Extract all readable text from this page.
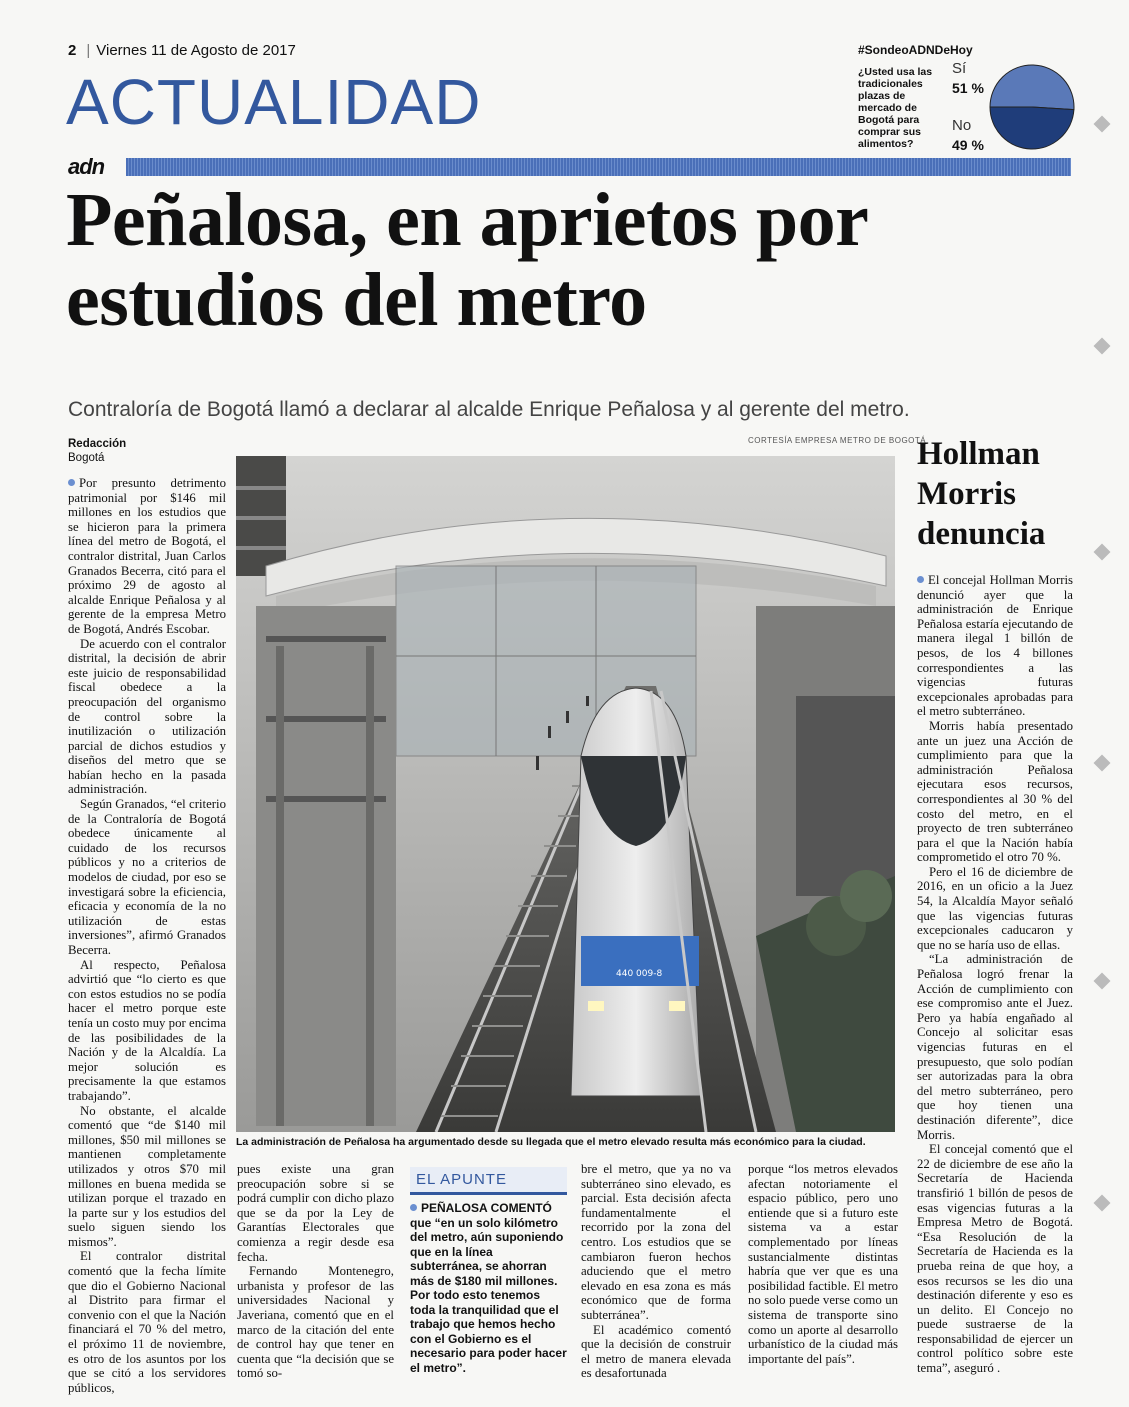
2 | Viernes 11 de Agosto de 2017
ACTUALIDAD
adn
#SondeoADNDeHoy
¿Usted usa las tradicionales plazas de mercado de Bogotá para comprar sus alimentos?
Sí
51 %
No
49 %
Peñalosa, en aprietos por estudios del metro
Contraloría de Bogotá llamó a declarar al alcalde Enrique Peñalosa y al gerente del metro.
Redacción
Bogotá
CORTESÍA EMPRESA METRO DE BOGOTÁ
440 009-8
La administración de Peñalosa ha argumentado desde su llegada que el metro elevado resulta más económico para la ciudad.

Por presunto detrimento patrimonial por $146 mil millones en los estudios que se hicieron para la primera línea del metro de Bogotá, el contralor distrital, Juan Carlos Granados Becerra, citó para el próximo 29 de agosto al alcalde Enrique Peñalosa y al gerente de la empresa Metro de Bogotá, Andrés Escobar.

De acuerdo con el contralor distrital, la decisión de abrir este juicio de responsabilidad fiscal obedece a la preocupación del organismo de control sobre la inutilización o utilización parcial de dichos estudios y diseños del metro que se habían hecho en la pasada administración.

Según Granados, “el criterio de la Contraloría de Bogotá obedece únicamente al cuidado de los recursos públicos y no a criterios de modelos de ciudad, por eso se investigará sobre la eficiencia, eficacia y economía de la no utilización de estas inversiones”, afirmó Granados Becerra.

Al respecto, Peñalosa advirtió que “lo cierto es que con estos estudios no se podía hacer el metro porque este tenía un costo muy por encima de las posibilidades de la Nación y de la Alcaldía. La mejor solución es precisamente la que estamos trabajando”.

No obstante, el alcalde comentó que “de $140 mil millones, $50 mil millones se mantienen completamente utilizados y otros $70 mil millones en buena medida se utilizan porque el trazado en la parte sur y los estudios del suelo siguen siendo los mismos”.

El contralor distrital comentó que la fecha límite que dio el Gobierno Nacional al Distrito para firmar el convenio con el que la Nación financiará el 70 % del metro, el próximo 11 de noviembre, es otro de los asuntos por los que se citó a los servidores públicos,

pues existe una gran preocupación sobre si se podrá cumplir con dicho plazo que se da por la Ley de Garantías Electorales que comienza a regir desde esa fecha.

Fernando Montenegro, urbanista y profesor de las universidades Nacional y Javeriana, comentó que en el marco de la citación del ente de control hay que tener en cuenta que “la decisión que se tomó so-

EL APUNTE
PEÑALOSA COMENTÓ que “en un solo kilómetro del metro, aún suponiendo que en la línea subterránea, se ahorran más de $180 mil millones. Por todo esto tenemos toda la tranquilidad que el trabajo que hemos hecho con el Gobierno es el necesario para poder hacer el metro”.

bre el metro, que ya no va subterráneo sino elevado, es parcial. Esta decisión afecta fundamentalmente el recorrido por la zona del centro. Los estudios que se cambiaron fueron hechos aduciendo que el metro elevado en esa zona es más económico que de forma subterránea”.

El académico comentó que la decisión de construir el metro de manera elevada es desafortunada

porque “los metros elevados afectan notoriamente el espacio público, pero uno entiende que si a futuro este sistema va a estar complementado por líneas sustancialmente distintas habría que ver que es una posibilidad factible. El metro no solo puede verse como un sistema de transporte sino como un aporte al desarrollo urbanístico de la ciudad más importante del país”.

Hollman Morris denuncia

El concejal Hollman Morris denunció ayer que la administración de Enrique Peñalosa estaría ejecutando de manera ilegal 1 billón de pesos, de los 4 billones correspondientes a las vigencias futuras excepcionales aprobadas para el metro subterráneo.

Morris había presentado ante un juez una Acción de cumplimiento para que la administración Peñalosa ejecutara esos recursos, correspondientes al 30 % del costo del metro, en el proyecto de tren subterráneo para el que la Nación había comprometido el otro 70 %.

Pero el 16 de diciembre de 2016, en un oficio a la Juez 54, la Alcaldía Mayor señaló que las vigencias futuras excepcionales caducaron y que no se haría uso de ellas.

“La administración de Peñalosa logró frenar la Acción de cumplimiento con ese compromiso ante el Juez. Pero ya había engañado al Concejo al solicitar esas vigencias futuras en el presupuesto, que solo podían ser autorizadas para la obra del metro subterráneo, pero que hoy tienen una destinación diferente”, dice Morris.

El concejal comentó que el 22 de diciembre de ese año la Secretaría de Hacienda transfirió 1 billón de pesos de esas vigencias futuras a la Empresa Metro de Bogotá. “Esa Resolución de la Secretaría de Hacienda es la prueba reina de que hoy, a esos recursos se les dio una destinación diferente y eso es un delito. El Concejo no puede sustraerse de la responsabilidad de ejercer un control político sobre este tema”, aseguró .
